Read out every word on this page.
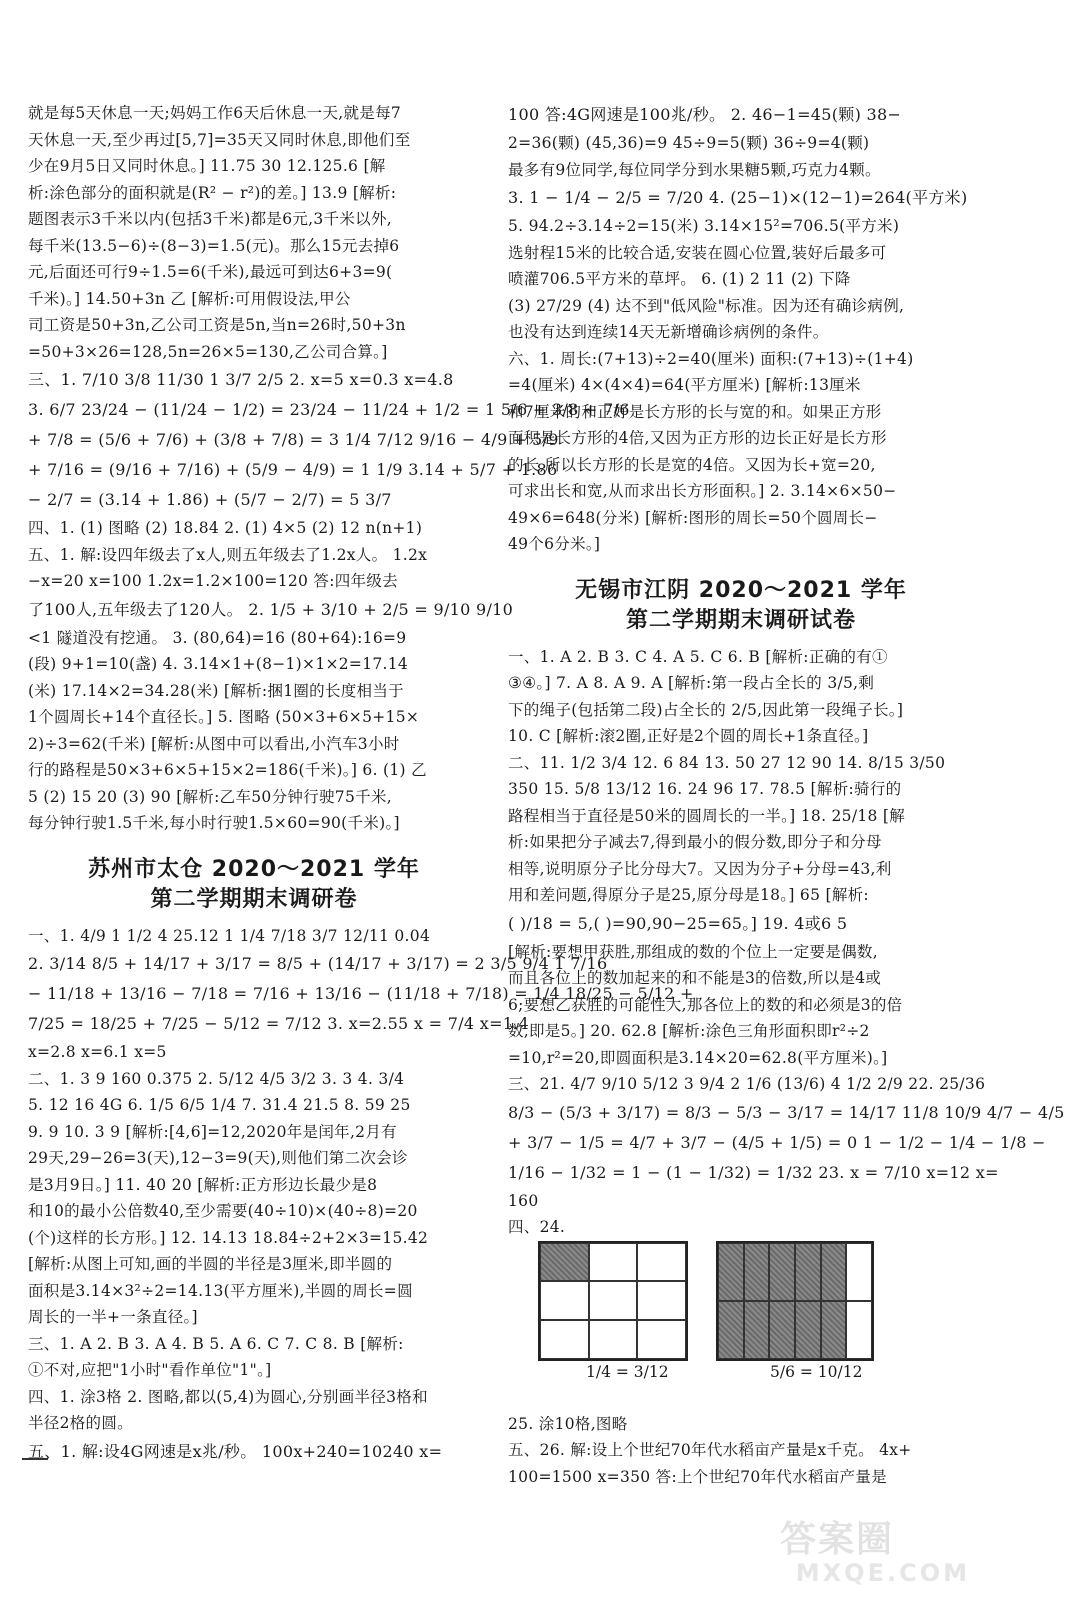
就是每5天休息一天;妈妈工作6天后休息一天,就是每7
天休息一天,至少再过[5,7]=35天又同时休息,即他们至
少在9月5日又同时休息。] 11.75 30 12.125.6 [解
析:涂色部分的面积就是(R² − r²)的差。] 13.9 [解析:
题图表示3千米以内(包括3千米)都是6元,3千米以外,
每千米(13.5−6)÷(8−3)=1.5(元)。那么15元去掉6
元,后面还可行9÷1.5=6(千米),最远可到达6+3=9(
千米)。] 14.50+3n 乙 [解析:可用假设法,甲公
司工资是50+3n,乙公司工资是5n,当n=26时,50+3n
=50+3×26=128,5n=26×5=130,乙公司合算。]
三、1. 7/10 3/8 11/30 1 3/7 2/5 2. x=5 x=0.3 x=4.8
3. 6/7 23/24 − (11/24 − 1/2) = 23/24 − 11/24 + 1/2 = 1 5/6 + 3/8 + 7/6
+ 7/8 = (5/6 + 7/6) + (3/8 + 7/8) = 3 1/4 7/12 9/16 − 4/9 + 5/9
+ 7/16 = (9/16 + 7/16) + (5/9 − 4/9) = 1 1/9 3.14 + 5/7 + 1.86
− 2/7 = (3.14 + 1.86) + (5/7 − 2/7) = 5 3/7
四、1. (1) 图略 (2) 18.84 2. (1) 4×5 (2) 12 n(n+1)
五、1. 解:设四年级去了x人,则五年级去了1.2x人。 1.2x
−x=20 x=100 1.2x=1.2×100=120 答:四年级去
了100人,五年级去了120人。 2. 1/5 + 3/10 + 2/5 = 9/10 9/10
<1 隧道没有挖通。 3. (80,64)=16 (80+64):16=9
(段) 9+1=10(盏) 4. 3.14×1+(8−1)×1×2=17.14
(米) 17.14×2=34.28(米) [解析:捆1圈的长度相当于
1个圆周长+14个直径长。] 5. 图略 (50×3+6×5+15×
2)÷3=62(千米) [解析:从图中可以看出,小汽车3小时
行的路程是50×3+6×5+15×2=186(千米)。] 6. (1) 乙
5 (2) 15 20 (3) 90 [解析:乙车50分钟行驶75千米,
每分钟行驶1.5千米,每小时行驶1.5×60=90(千米)。]
苏州市太仓 2020～2021 学年
第二学期期末调研卷
一、1. 4/9 1 1/2 4 25.12 1 1/4 7/18 3/7 12/11 0.04
2. 3/14 8/5 + 14/17 + 3/17 = 8/5 + (14/17 + 3/17) = 2 3/5 9/4 1 7/16
− 11/18 + 13/16 − 7/18 = 7/16 + 13/16 − (11/18 + 7/18) = 1/4 18/25 − 5/12 +
7/25 = 18/25 + 7/25 − 5/12 = 7/12 3. x=2.55 x = 7/4 x=1.4
x=2.8 x=6.1 x=5
二、1. 3 9 160 0.375 2. 5/12 4/5 3/2 3. 3 4. 3/4
5. 12 16 4G 6. 1/5 6/5 1/4 7. 31.4 21.5 8. 59 25
9. 9 10. 3 9 [解析:[4,6]=12,2020年是闰年,2月有
29天,29−26=3(天),12−3=9(天),则他们第二次会诊
是3月9日。] 11. 40 20 [解析:正方形边长最少是8
和10的最小公倍数40,至少需要(40÷10)×(40÷8)=20
(个)这样的长方形。] 12. 14.13 18.84÷2+2×3=15.42
[解析:从图上可知,画的半圆的半径是3厘米,即半圆的
面积是3.14×3²÷2=14.13(平方厘米),半圆的周长=圆
周长的一半+一条直径。]
三、1. A 2. B 3. A 4. B 5. A 6. C 7. C 8. B [解析:
①不对,应把"1小时"看作单位"1"。]
四、1. 涂3格 2. 图略,都以(5,4)为圆心,分别画半径3格和
半径2格的圆。
五、1. 解:设4G网速是x兆/秒。 100x+240=10240 x=
100 答:4G网速是100兆/秒。 2. 46−1=45(颗) 38−
2=36(颗) (45,36)=9 45÷9=5(颗) 36÷9=4(颗)
最多有9位同学,每位同学分到水果糖5颗,巧克力4颗。
3. 1 − 1/4 − 2/5 = 7/20 4. (25−1)×(12−1)=264(平方米)
5. 94.2÷3.14÷2=15(米) 3.14×15²=706.5(平方米)
选射程15米的比较合适,安装在圆心位置,装好后最多可
喷灌706.5平方米的草坪。 6. (1) 2 11 (2) 下降
(3) 27/29 (4) 达不到"低风险"标准。因为还有确诊病例,
也没有达到连续14天无新增确诊病例的条件。
六、1. 周长:(7+13)÷2=40(厘米) 面积:(7+13)÷(1+4)
=4(厘米) 4×(4×4)=64(平方厘米) [解析:13厘米
和7厘米的和正好是长方形的长与宽的和。如果正方形
面积是长方形的4倍,又因为正方形的边长正好是长方形
的长,所以长方形的长是宽的4倍。又因为长+宽=20,
可求出长和宽,从而求出长方形面积。] 2. 3.14×6×50−
49×6=648(分米) [解析:图形的周长=50个圆周长−
49个6分米。]
无锡市江阴 2020～2021 学年
第二学期期末调研试卷
一、1. A 2. B 3. C 4. A 5. C 6. B [解析:正确的有①
③④。] 7. A 8. A 9. A [解析:第一段占全长的 3/5,剩
下的绳子(包括第二段)占全长的 2/5,因此第一段绳子长。]
10. C [解析:滚2圈,正好是2个圆的周长+1条直径。]
二、11. 1/2 3/4 12. 6 84 13. 50 27 12 90 14. 8/15 3/50
350 15. 5/8 13/12 16. 24 96 17. 78.5 [解析:骑行的
路程相当于直径是50米的圆周长的一半。] 18. 25/18 [解
析:如果把分子减去7,得到最小的假分数,即分子和分母
相等,说明原分子比分母大7。又因为分子+分母=43,利
用和差问题,得原分子是25,原分母是18。] 65 [解析:
( )/18 = 5,( )=90,90−25=65。] 19. 4或6 5
[解析:要想甲获胜,那组成的数的个位上一定要是偶数,
而且各位上的数加起来的和不能是3的倍数,所以是4或
6;要想乙获胜的可能性大,那各位上的数的和必须是3的倍
数,即是5。] 20. 62.8 [解析:涂色三角形面积即r²÷2
=10,r²=20,即圆面积是3.14×20=62.8(平方厘米)。]
三、21. 4/7 9/10 5/12 3 9/4 2 1/6 (13/6) 4 1/2 2/9 22. 25/36
8/3 − (5/3 + 3/17) = 8/3 − 5/3 − 3/17 = 14/17 11/8 10/9 4/7 − 4/5
+ 3/7 − 1/5 = 4/7 + 3/7 − (4/5 + 1/5) = 0 1 − 1/2 − 1/4 − 1/8 −
1/16 − 1/32 = 1 − (1 − 1/32) = 1/32 23. x = 7/10 x=12 x=
160
四、24.
1/4 = 3/12	5/6 = 10/12
25. 涂10格,图略
五、26. 解:设上个世纪70年代水稻亩产量是x千克。 4x+
100=1500 x=350 答:上个世纪70年代水稻亩产量是
答案圈
MXQE.COM
